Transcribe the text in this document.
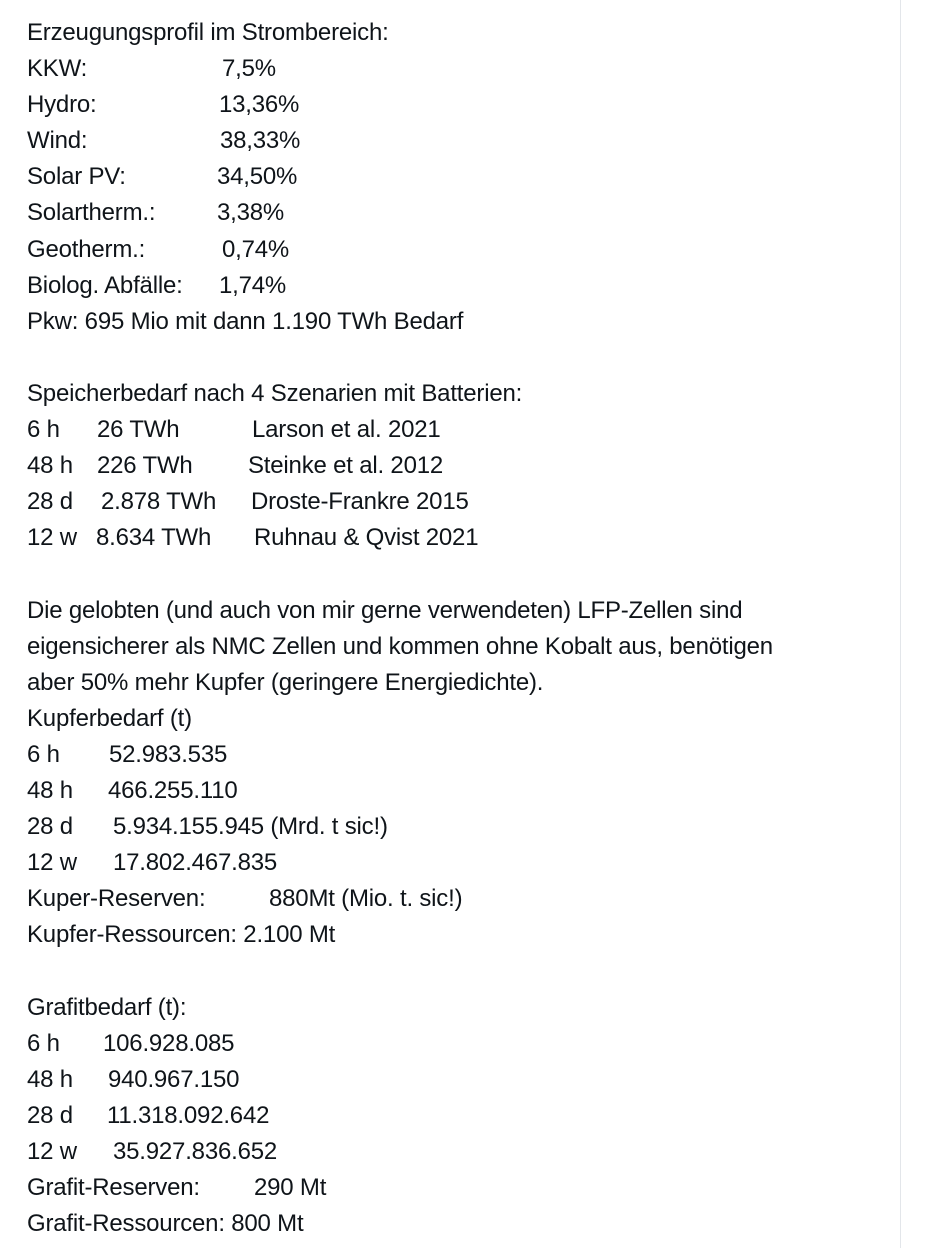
Erzeugungsprofil im Strombereich:
KKW:	7,5%
Hydro:	13,36%
Wind:	38,33%
Solar PV:	34,50%
Solartherm.:	3,38%
Geotherm.:	0,74%
Biolog. Abfälle: 1,74%
Pkw: 695 Mio mit dann 1.190 TWh Bedarf
Speicherbedarf nach 4 Szenarien mit Batterien:
6 h 26 TWh	Larson et al. 2021
48 h 226 TWh Steinke et al. 2012
28 d 2.878 TWh Droste-Frankre 2015
12 w 8.634 TWh Ruhnau & Qvist 2021
Die gelobten (und auch von mir gerne verwendeten) LFP-Zellen sind
eigensicherer als NMC Zellen und kommen ohne Kobalt aus, benötigen
aber 50% mehr Kupfer (geringere Energiedichte).
Kupferbedarf (t)
6 h 52.983.535
48 h 466.255.110
28 d 5.934.155.945 (Mrd. t sic!)
12 w 17.802.467.835
Kuper-Reserven:	880Mt (Mio. t. sic!)
Kupfer-Ressourcen: 2.100 Mt
Grafitbedarf (t):
6 h 106.928.085
48 h 940.967.150
28 d 11.318.092.642
12 w 35.927.836.652
Grafit-Reserven: 290 Mt
Grafit-Ressourcen: 800 Mt
